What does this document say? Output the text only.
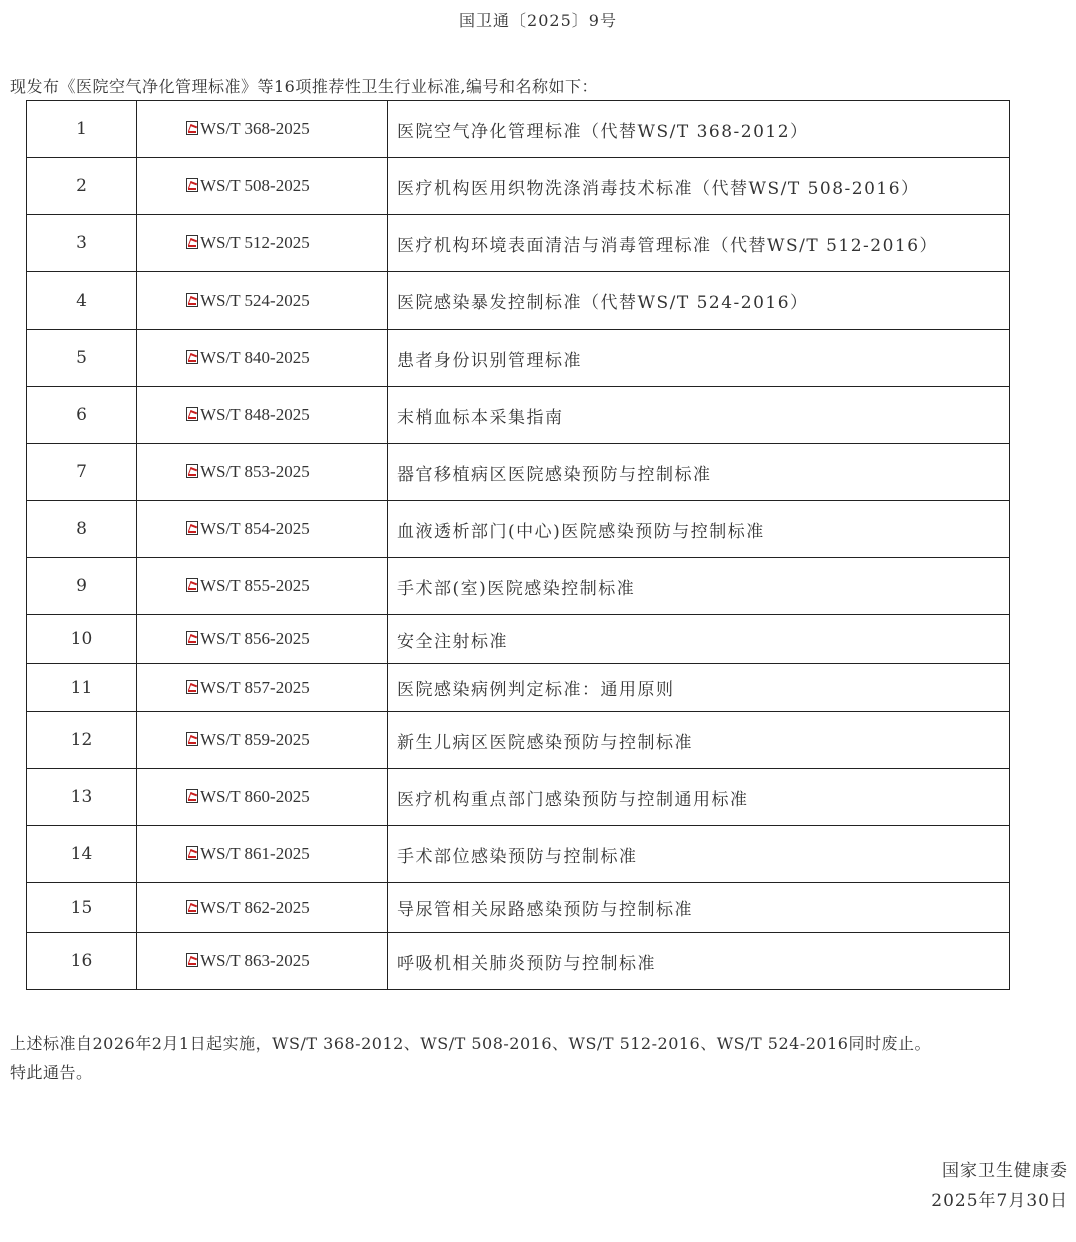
国卫通〔2025〕9号
现发布《医院空气净化管理标准》等16项推荐性卫生行业标准,编号和名称如下：
1	WS/T 368-2025	医院空气净化管理标准（代替WS/T 368-2012）
2	WS/T 508-2025	医疗机构医用织物洗涤消毒技术标准（代替WS/T 508-2016）
3	WS/T 512-2025	医疗机构环境表面清洁与消毒管理标准（代替WS/T 512-2016）
4	WS/T 524-2025	医院感染暴发控制标准（代替WS/T 524-2016）
5	WS/T 840-2025	患者身份识别管理标准
6	WS/T 848-2025	末梢血标本采集指南
7	WS/T 853-2025	器官移植病区医院感染预防与控制标准
8	WS/T 854-2025	血液透析部门(中心)医院感染预防与控制标准
9	WS/T 855-2025	手术部(室)医院感染控制标准
10	WS/T 856-2025	安全注射标准
11	WS/T 857-2025	医院感染病例判定标准：通用原则
12	WS/T 859-2025	新生儿病区医院感染预防与控制标准
13	WS/T 860-2025	医疗机构重点部门感染预防与控制通用标准
14	WS/T 861-2025	手术部位感染预防与控制标准
15	WS/T 862-2025	导尿管相关尿路感染预防与控制标准
16	WS/T 863-2025	呼吸机相关肺炎预防与控制标准
上述标准自2026年2月1日起实施，WS/T 368-2012、WS/T 508-2016、WS/T 512-2016、WS/T 524-2016同时废止。
特此通告。
国家卫生健康委
2025年7月30日
